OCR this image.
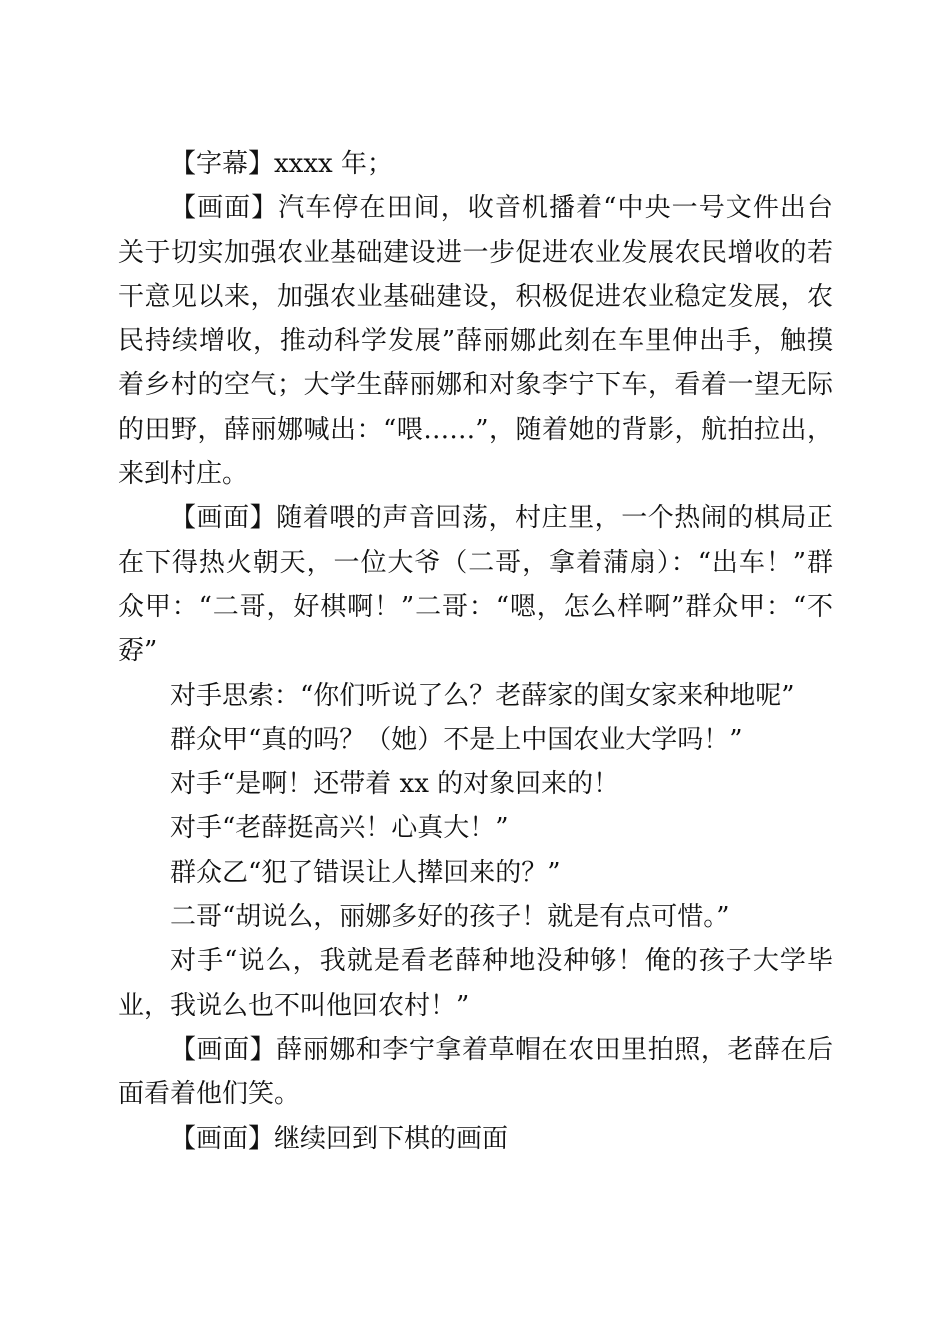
【字幕】xxxx 年；

【画面】汽车停在田间，收音机播着“中央一号文件出台关于切实加强农业基础建设进一步促进农业发展农民增收的若干意见以来，加强农业基础建设，积极促进农业稳定发展，农民持续增收，推动科学发展”薛丽娜此刻在车里伸出手，触摸着乡村的空气；大学生薛丽娜和对象李宁下车，看着一望无际的田野，薛丽娜喊出：“喂……”，随着她的背影，航拍拉出，来到村庄。

【画面】随着喂的声音回荡，村庄里，一个热闹的棋局正在下得热火朝天，一位大爷（二哥，拿着蒲扇）：“出车！”群众甲：“二哥，好棋啊！”二哥：“嗯，怎么样啊”群众甲：“不孬”

对手思索：“你们听说了么？老薛家的闺女家来种地呢”

群众甲“真的吗？（她）不是上中国农业大学吗！”

对手“是啊！还带着 xx 的对象回来的！

对手“老薛挺高兴！心真大！”

群众乙“犯了错误让人撵回来的？”

二哥“胡说么，丽娜多好的孩子！就是有点可惜。”

对手“说么，我就是看老薛种地没种够！俺的孩子大学毕业，我说么也不叫他回农村！”

【画面】薛丽娜和李宁拿着草帽在农田里拍照，老薛在后面看着他们笑。

【画面】继续回到下棋的画面
